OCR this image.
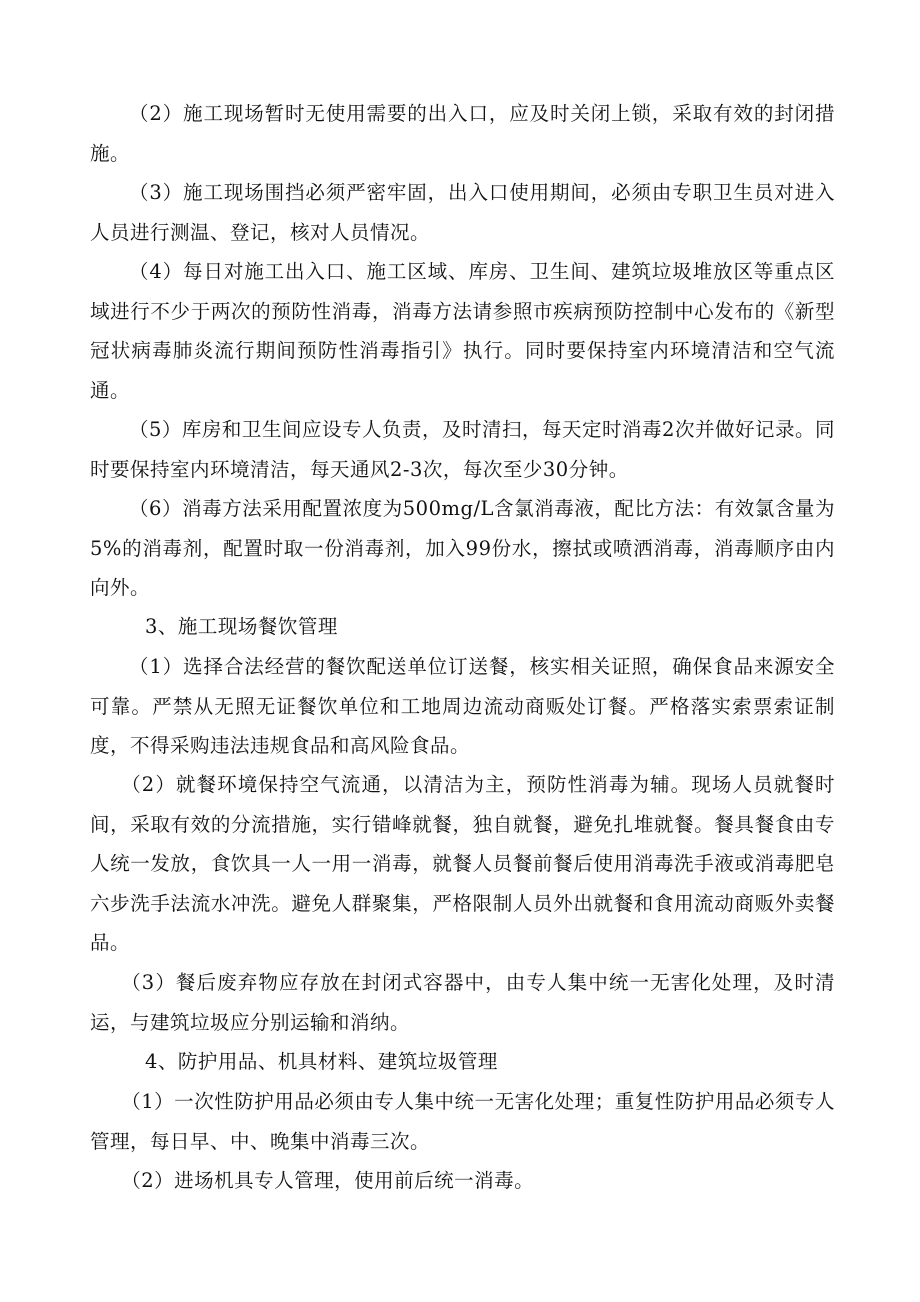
（2）施工现场暂时无使用需要的出入口，应及时关闭上锁，采取有效的封闭措施。

（3）施工现场围挡必须严密牢固，出入口使用期间，必须由专职卫生员对进入人员进行测温、登记，核对人员情况。

（4）每日对施工出入口、施工区域、库房、卫生间、建筑垃圾堆放区等重点区域进行不少于两次的预防性消毒，消毒方法请参照市疾病预防控制中心发布的《新型冠状病毒肺炎流行期间预防性消毒指引》执行。同时要保持室内环境清洁和空气流通。

（5）库房和卫生间应设专人负责，及时清扫，每天定时消毒2次并做好记录。同时要保持室内环境清洁，每天通风2-3次，每次至少30分钟。

（6）消毒方法采用配置浓度为500mg/L含氯消毒液，配比方法：有效氯含量为5%的消毒剂，配置时取一份消毒剂，加入99份水，擦拭或喷洒消毒，消毒顺序由内向外。

3、施工现场餐饮管理

（1）选择合法经营的餐饮配送单位订送餐，核实相关证照，确保食品来源安全可靠。严禁从无照无证餐饮单位和工地周边流动商贩处订餐。严格落实索票索证制度，不得采购违法违规食品和高风险食品。

（2）就餐环境保持空气流通，以清洁为主，预防性消毒为辅。现场人员就餐时间，采取有效的分流措施，实行错峰就餐，独自就餐，避免扎堆就餐。餐具餐食由专人统一发放，食饮具一人一用一消毒，就餐人员餐前餐后使用消毒洗手液或消毒肥皂六步洗手法流水冲洗。避免人群聚集，严格限制人员外出就餐和食用流动商贩外卖餐品。

（3）餐后废弃物应存放在封闭式容器中，由专人集中统一无害化处理，及时清运，与建筑垃圾应分别运输和消纳。

4、防护用品、机具材料、建筑垃圾管理

（1）一次性防护用品必须由专人集中统一无害化处理；重复性防护用品必须专人管理，每日早、中、晚集中消毒三次。

（2）进场机具专人管理，使用前后统一消毒。
